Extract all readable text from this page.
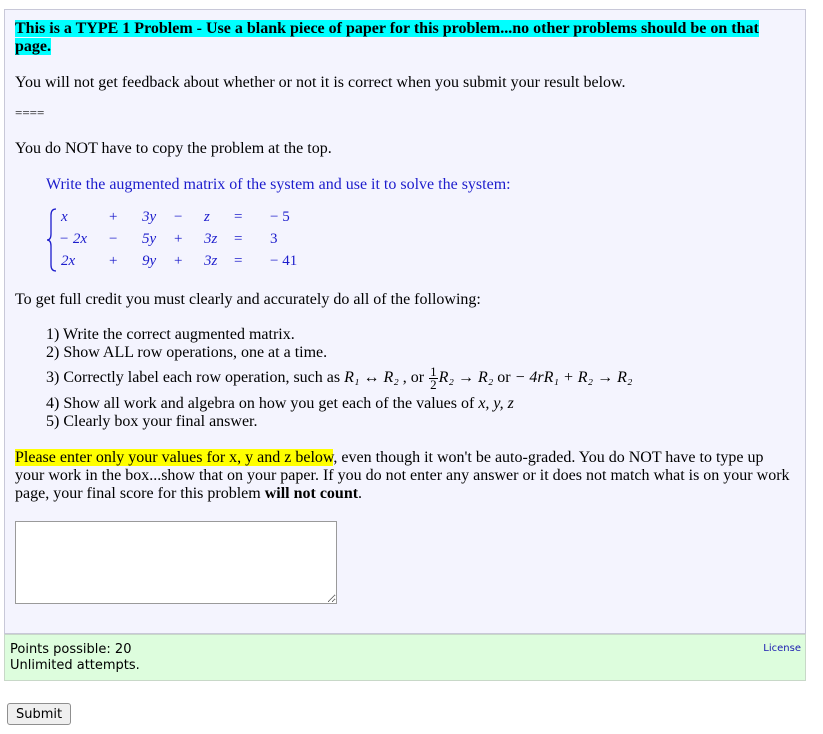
This is a TYPE 1 Problem - Use a blank piece of paper for this problem...no other problems should be on that page.

You will not get feedback about whether or not it is correct when you submit your result below.

====

You do NOT have to copy the problem at the top.

Write the augmented matrix of the system and use it to solve the system:

x	+ 3y − z = − 5
− 2x − 5y + 3z = 3
2x + 9y + 3z = − 41

To get full credit you must clearly and accurately do all of the following:

1) Write the correct augmented matrix.
2) Show ALL row operations, one at a time.
3) Correctly label each row operation, such as R₁ ↔ R₂ , or $\frac{1}{2} R_2 \to R_2$ or − 4rR₁ + R₂ → R₂
4) Show all work and algebra on how you get each of the values of x, y, z
5) Clearly box your final answer.

Please enter only your values for x, y and z below, even though it won't be auto-graded. You do NOT have to type up your work in the box...show that on your paper. If you do not enter any answer or it does not match what is on your work page, your final score for this problem will not count.

Points possible: 20
Unlimited attempts.
License
Submit
